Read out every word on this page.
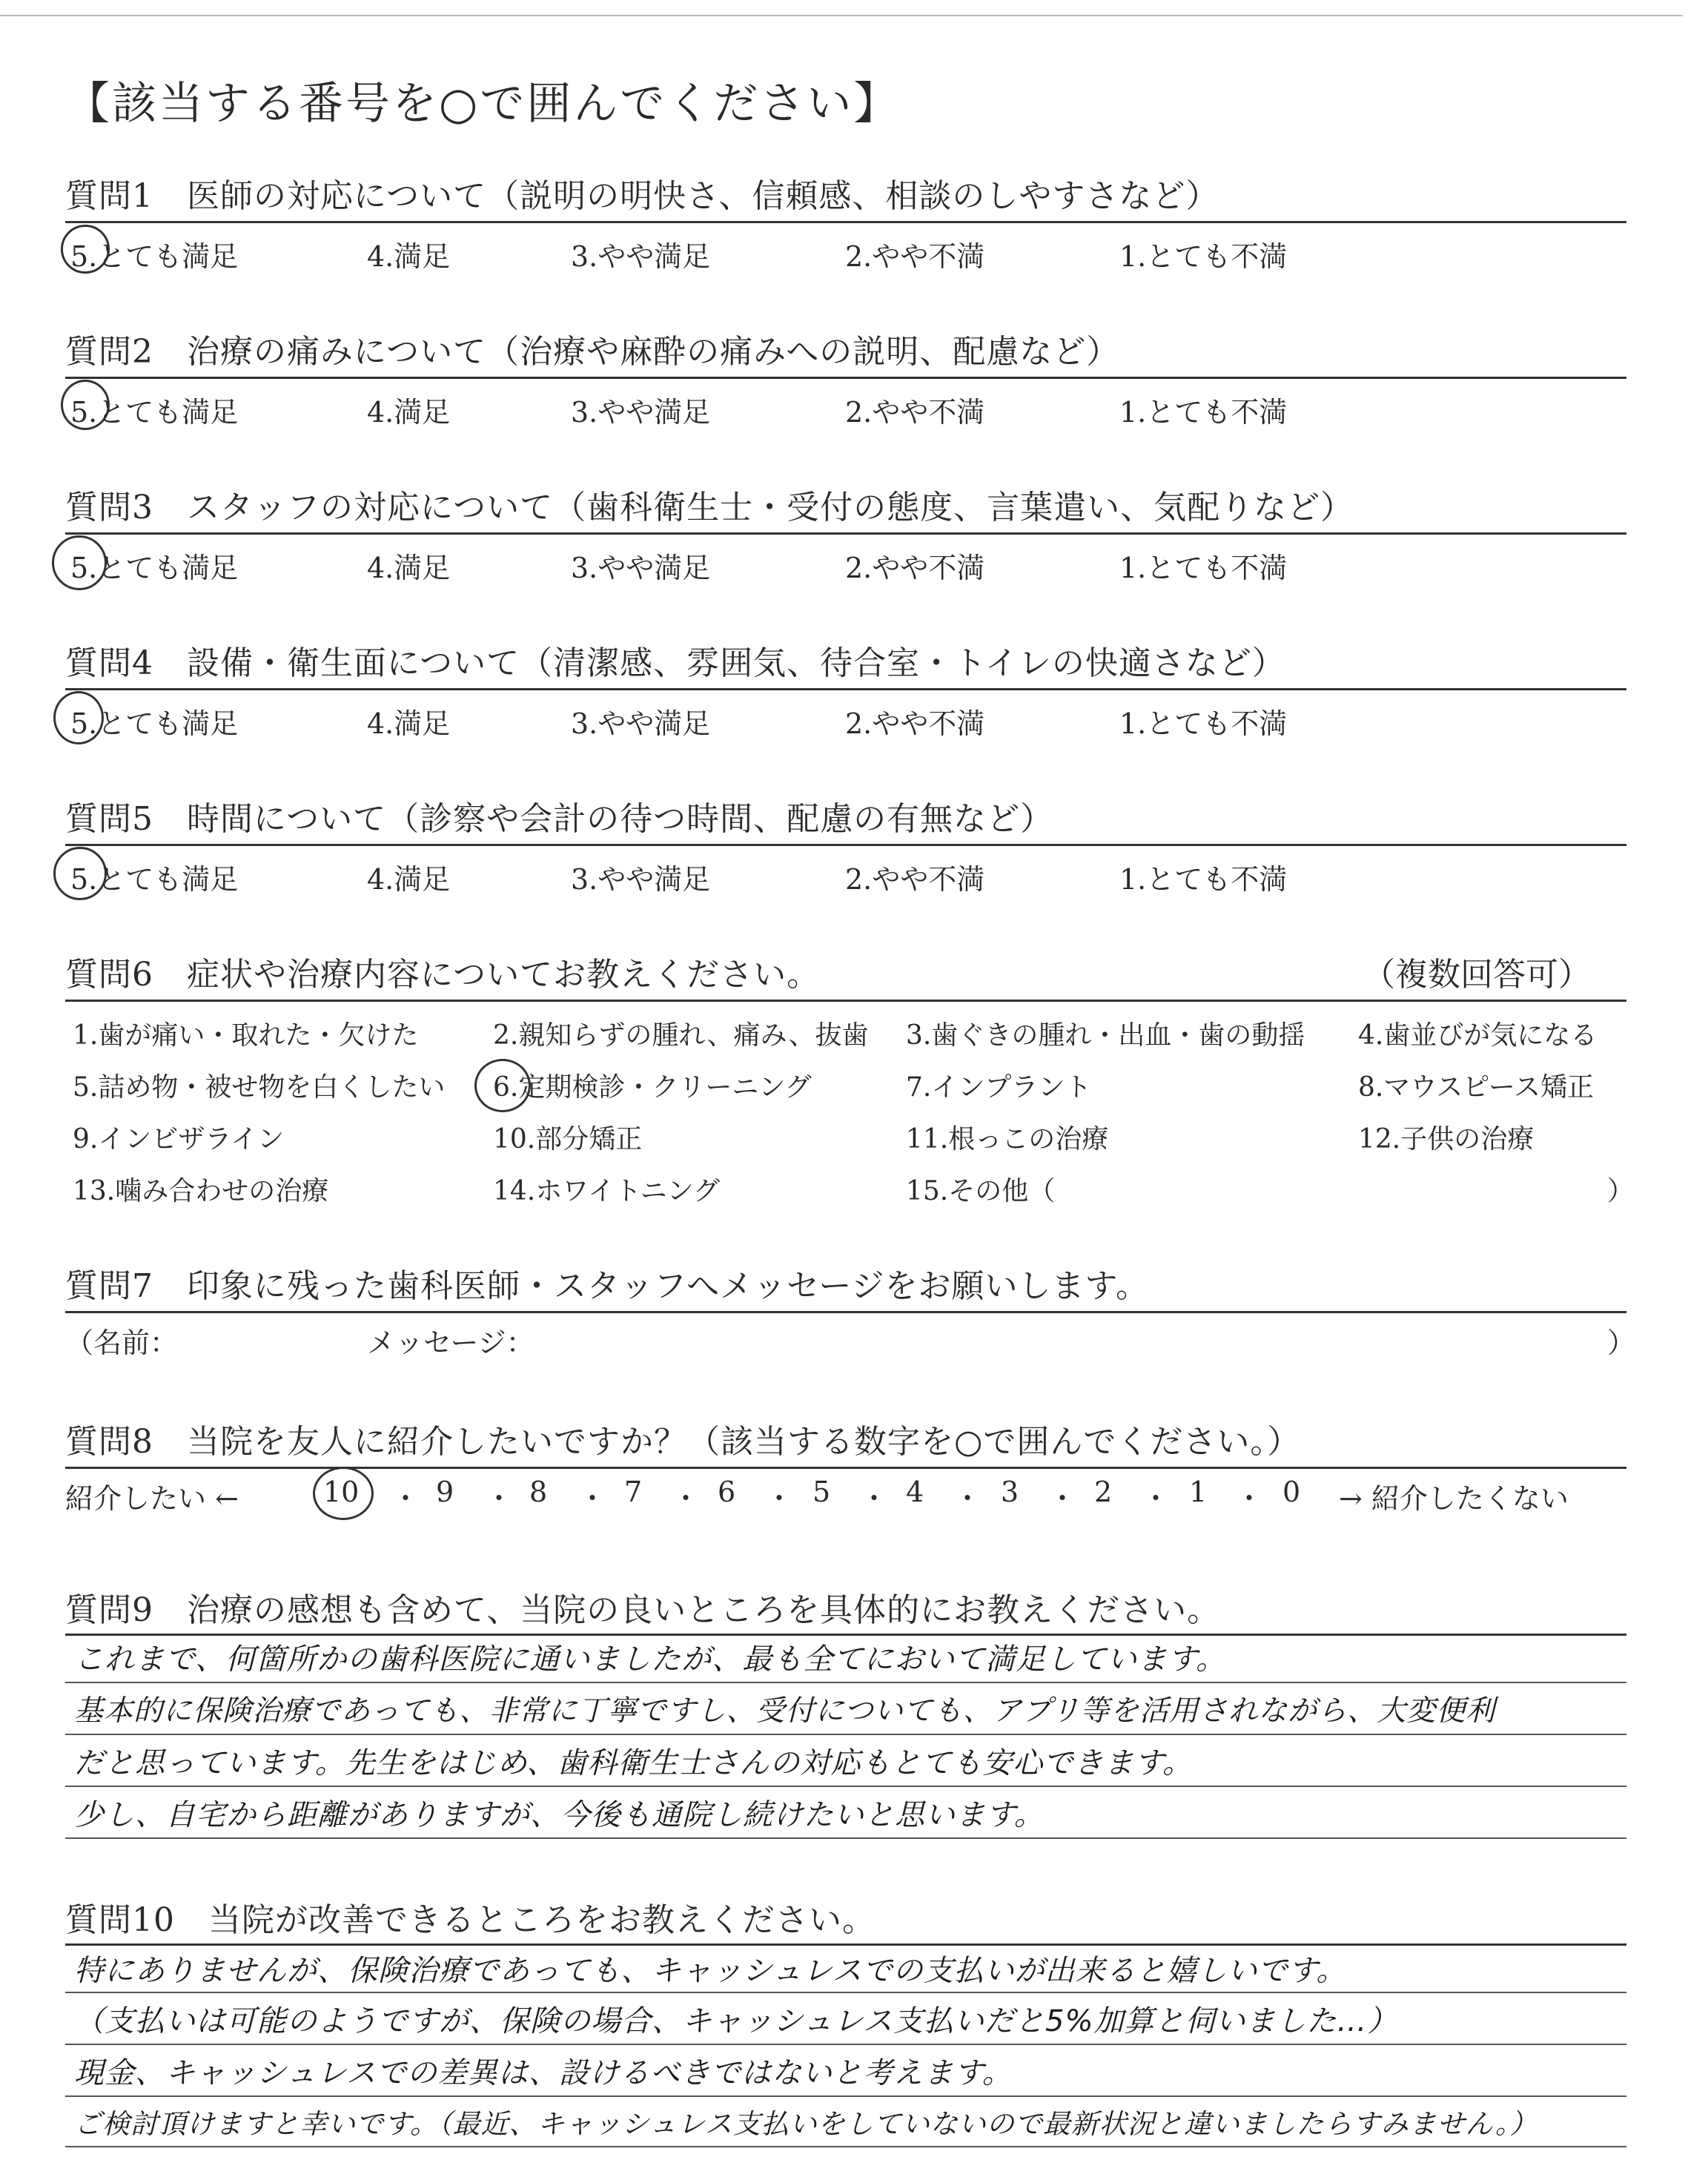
【該当する番号を○で囲んでください】
質問1　医師の対応について（説明の明快さ、信頼感、相談のしやすさなど）
5.とても満足	4.満足	3.やや満足	2.やや不満	1.とても不満
質問2　治療の痛みについて（治療や麻酔の痛みへの説明、配慮など）
5.とても満足	4.満足	3.やや満足	2.やや不満	1.とても不満
質問3　スタッフの対応について（歯科衛生士・受付の態度、言葉遣い、気配りなど）
5.とても満足	4.満足	3.やや満足	2.やや不満	1.とても不満
質問4　設備・衛生面について（清潔感、雰囲気、待合室・トイレの快適さなど）
5.とても満足	4.満足	3.やや満足	2.やや不満	1.とても不満
質問5　時間について（診察や会計の待つ時間、配慮の有無など）
5.とても満足	4.満足	3.やや満足	2.やや不満	1.とても不満
質問6　症状や治療内容についてお教えください。	（複数回答可）
1.歯が痛い・取れた・欠けた	2.親知らずの腫れ、痛み、抜歯 3.歯ぐきの腫れ・出血・歯の動揺 4.歯並びが気になる
5.詰め物・被せ物を白くしたい 6.定期検診・クリーニング	7.インプラント	8.マウスピース矯正
9.インビザライン	10.部分矯正	11.根っこの治療	12.子供の治療
13.噛み合わせの治療	14.ホワイトニング	15.その他（	）
質問7　印象に残った歯科医師・スタッフへメッセージをお願いします。
（名前：	メッセージ：	）
質問8　当院を友人に紹介したいですか？（該当する数字を○で囲んでください。）
紹介したい ←	10 ・ 9 ・ 8 ・ 7 ・ 6 ・ 5 ・ 4 ・ 3 ・ 2 ・ 1 ・ 0 → 紹介したくない
質問9　治療の感想も含めて、当院の良いところを具体的にお教えください。
これまで、何箇所かの歯科医院に通いましたが、最も全てにおいて満足しています。
基本的に保険治療であっても、非常に丁寧ですし、受付についても、アプリ等を活用されながら、大変便利
だと思っています。先生をはじめ、歯科衛生士さんの対応もとても安心できます。
少し、自宅から距離がありますが、今後も通院し続けたいと思います。
質問10　当院が改善できるところをお教えください。
特にありませんが、保険治療であっても、キャッシュレスでの支払いが出来ると嬉しいです。
（支払いは可能のようですが、保険の場合、キャッシュレス支払いだと5%加算と伺いました…）
現金、キャッシュレスでの差異は、設けるべきではないと考えます。
ご検討頂けますと幸いです。（最近、キャッシュレス支払いをしていないので最新状況と違いましたらすみません。）
